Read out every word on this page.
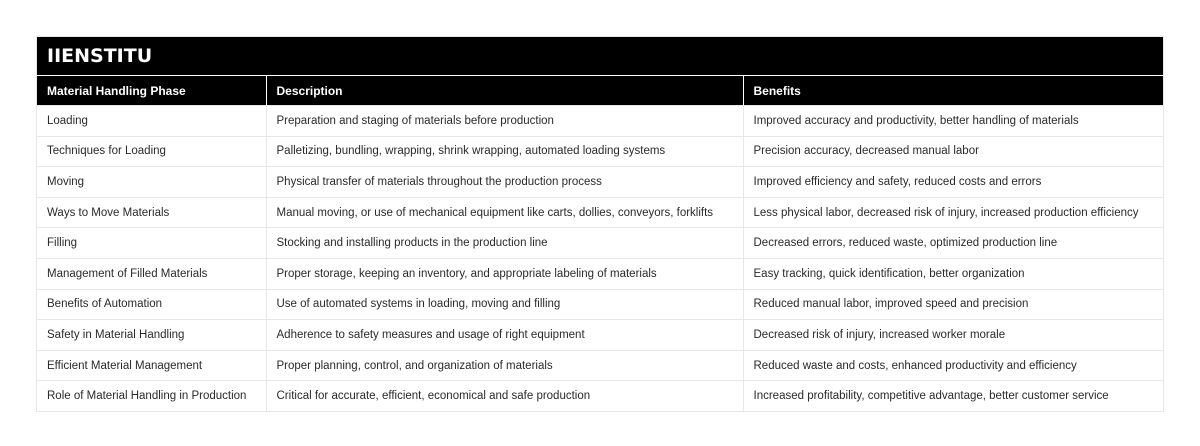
IIENSTITU
Material Handling Phase	Description	Benefits
Loading	Preparation and staging of materials before production	Improved accuracy and productivity, better handling of materials
Techniques for Loading	Palletizing, bundling, wrapping, shrink wrapping, automated loading systems	Precision accuracy, decreased manual labor
Moving	Physical transfer of materials throughout the production process	Improved efficiency and safety, reduced costs and errors
Ways to Move Materials	Manual moving, or use of mechanical equipment like carts, dollies, conveyors, forklifts	Less physical labor, decreased risk of injury, increased production efficiency
Filling	Stocking and installing products in the production line	Decreased errors, reduced waste, optimized production line
Management of Filled Materials	Proper storage, keeping an inventory, and appropriate labeling of materials	Easy tracking, quick identification, better organization
Benefits of Automation	Use of automated systems in loading, moving and filling	Reduced manual labor, improved speed and precision
Safety in Material Handling	Adherence to safety measures and usage of right equipment	Decreased risk of injury, increased worker morale
Efficient Material Management	Proper planning, control, and organization of materials	Reduced waste and costs, enhanced productivity and efficiency
Role of Material Handling in Production	Critical for accurate, efficient, economical and safe production	Increased profitability, competitive advantage, better customer service
